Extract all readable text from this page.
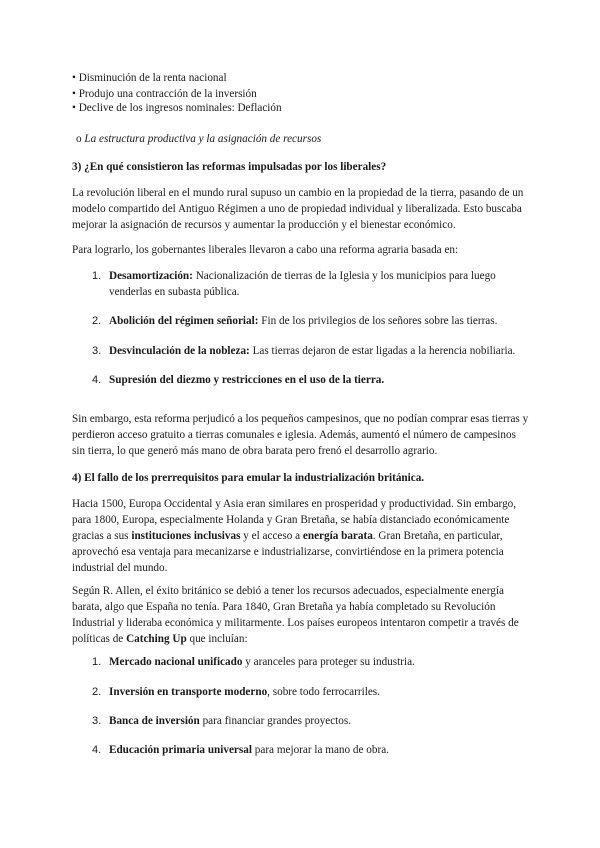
• Disminución de la renta nacional
• Produjo una contracción de la inversión
• Declive de los ingresos nominales: Deflación
o La estructura productiva y la asignación de recursos
3) ¿En qué consistieron las reformas impulsadas por los liberales?

La revolución liberal en el mundo rural supuso un cambio en la propiedad de la tierra, pasando de un modelo compartido del Antiguo Régimen a uno de propiedad individual y liberalizada. Esto buscaba mejorar la asignación de recursos y aumentar la producción y el bienestar económico.

Para lograrlo, los gobernantes liberales llevaron a cabo una reforma agraria basada en:

1. Desamortización: Nacionalización de tierras de la Iglesia y los municipios para luego venderlas en subasta pública.
2. Abolición del régimen señorial: Fin de los privilegios de los señores sobre las tierras.
3. Desvinculación de la nobleza: Las tierras dejaron de estar ligadas a la herencia nobiliaria.
4. Supresión del diezmo y restricciones en el uso de la tierra.

Sin embargo, esta reforma perjudicó a los pequeños campesinos, que no podían comprar esas tierras y perdieron acceso gratuito a tierras comunales e iglesia. Además, aumentó el número de campesinos sin tierra, lo que generó más mano de obra barata pero frenó el desarrollo agrario.

4) El fallo de los prerrequisitos para emular la industrialización británica.

Hacia 1500, Europa Occidental y Asia eran similares en prosperidad y productividad. Sin embargo, para 1800, Europa, especialmente Holanda y Gran Bretaña, se había distanciado económicamente gracias a sus instituciones inclusivas y el acceso a energía barata. Gran Bretaña, en particular, aprovechó esa ventaja para mecanizarse e industrializarse, convirtiéndose en la primera potencia industrial del mundo.

Según R. Allen, el éxito británico se debió a tener los recursos adecuados, especialmente energía barata, algo que España no tenía. Para 1840, Gran Bretaña ya había completado su Revolución Industrial y lideraba económica y militarmente. Los países europeos intentaron competir a través de políticas de Catching Up que incluían:

1. Mercado nacional unificado y aranceles para proteger su industria.
2. Inversión en transporte moderno, sobre todo ferrocarriles.
3. Banca de inversión para financiar grandes proyectos.
4. Educación primaria universal para mejorar la mano de obra.
